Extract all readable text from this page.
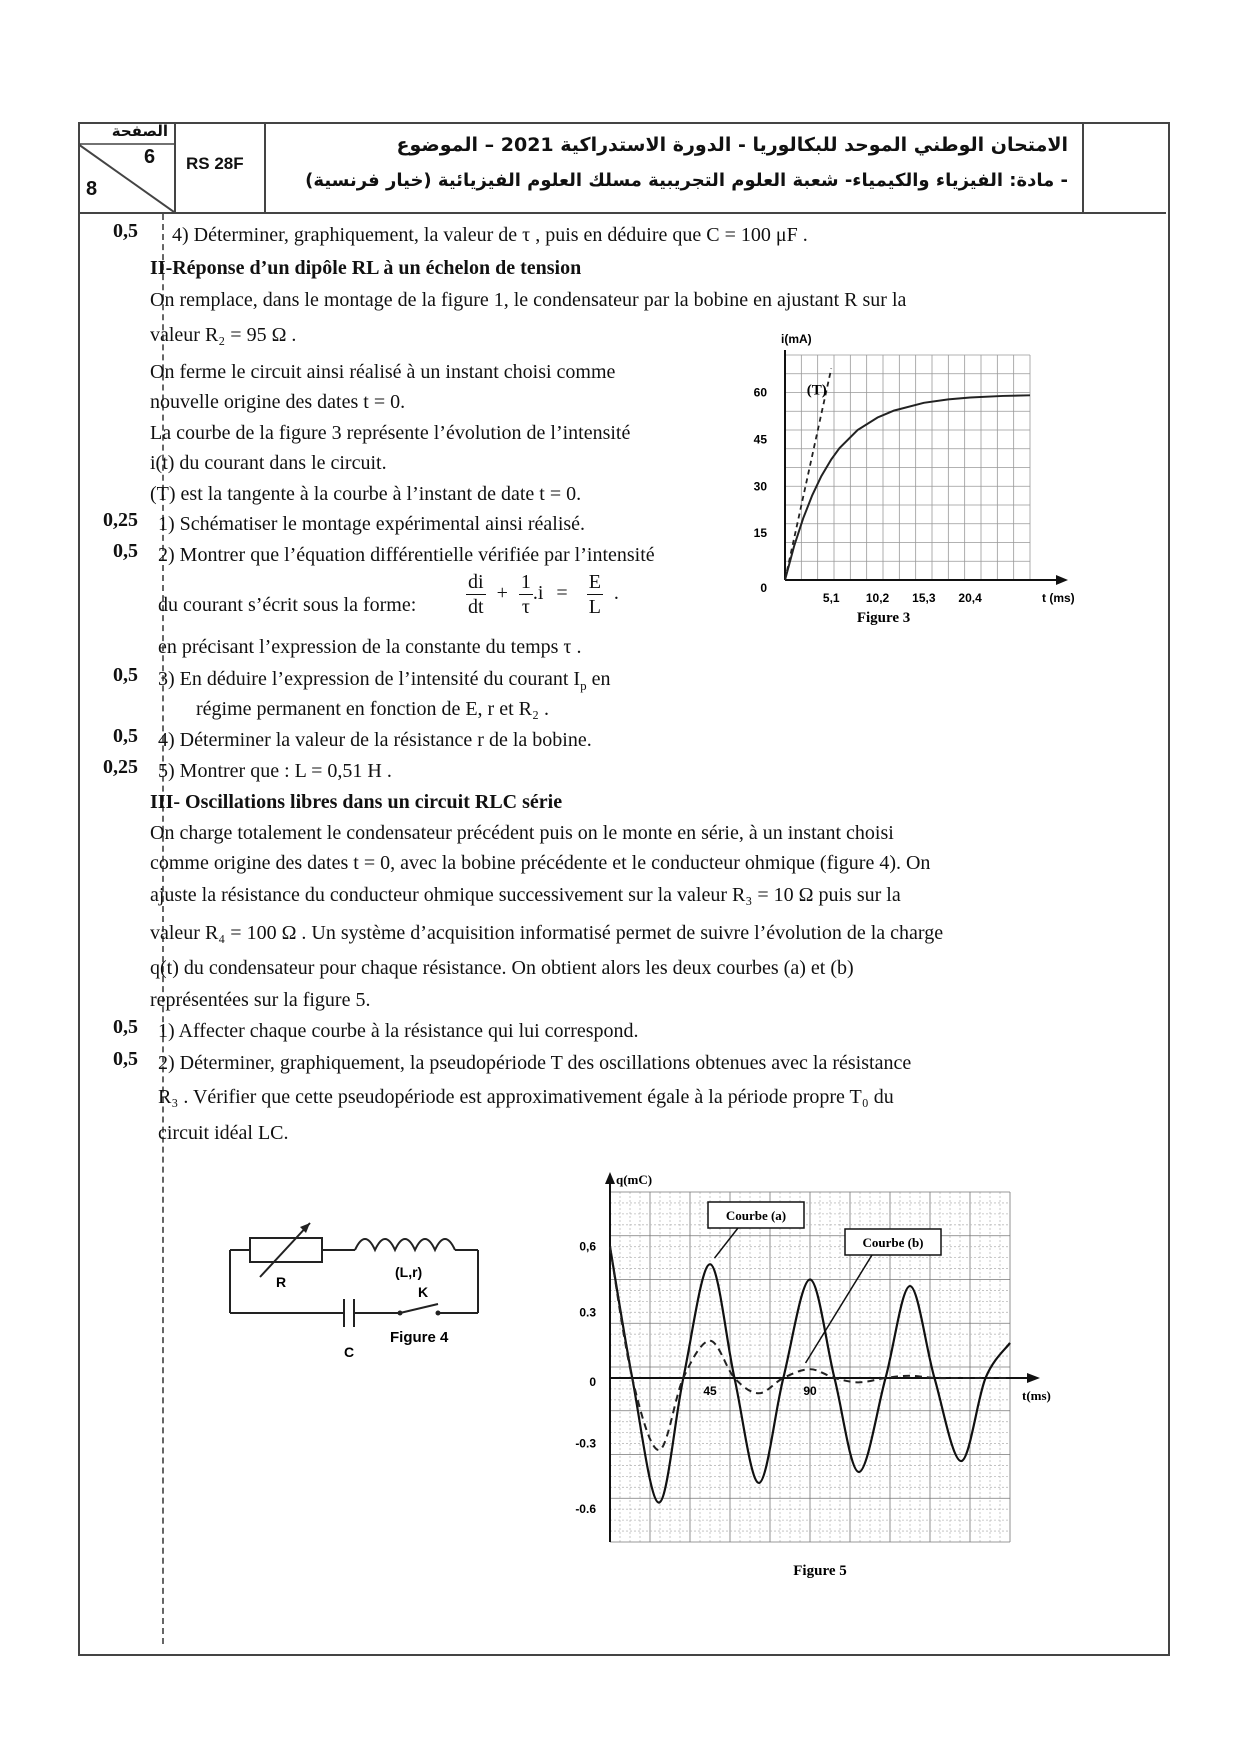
الصفحة
6
8
RS 28F
الامتحان الوطني الموحد للبكالوريا - الدورة الاستدراكية 2021 – الموضوع
- مادة: الفيزياء والكيمياء- شعبة العلوم التجريبية مسلك العلوم الفيزيائية (خيار فرنسية)
0,5 4) Déterminer, graphiquement, la valeur de τ , puis en déduire que C = 100 μF .
II-Réponse d’un dipôle RL à un échelon de tension
On remplace, dans le montage de la figure 1, le condensateur par la bobine en ajustant R sur la
valeur R₂ = 95 Ω .
On ferme le circuit ainsi réalisé à un instant choisi comme
nouvelle origine des dates t = 0.
La courbe de la figure 3 représente l’évolution de l’intensité
i(t) du courant dans le circuit.
(T) est la tangente à la courbe à l’instant de date t = 0.
0,25 1) Schématiser le montage expérimental ainsi réalisé.
0,5 2) Montrer que l’équation différentielle vérifiée par l’intensité
du courant s’écrit sous la forme: $\frac{di}{dt} + \frac{1}{\tau} .i = \frac{E}{L}$ .
en précisant l’expression de la constante du temps τ .
0,5 3) En déduire l’expression de l’intensité du courant $I_p$ en
régime permanent en fonction de E, r et R₂ .
0,5 4) Déterminer la valeur de la résistance r de la bobine.
0,25 5) Montrer que : L = 0,51 H .
III- Oscillations libres dans un circuit RLC série
On charge totalement le condensateur précédent puis on le monte en série, à un instant choisi
comme origine des dates t = 0, avec la bobine précédente et le conducteur ohmique (figure 4). On
ajuste la résistance du conducteur ohmique successivement sur la valeur R₃ = 10 Ω puis sur la
valeur R₄ = 100 Ω . Un système d’acquisition informatisé permet de suivre l’évolution de la charge
q(t) du condensateur pour chaque résistance. On obtient alors les deux courbes (a) et (b)
représentées sur la figure 5.
0,5 1) Affecter chaque courbe à la résistance qui lui correspond.
0,5 2) Déterminer, graphiquement, la pseudopériode T des oscillations obtenues avec la résistance
R₃ . Vérifier que cette pseudopériode est approximativement égale à la période propre T₀ du
circuit idéal LC.
i(mA)
t (ms)
5,1 10,2 15,3 20,4
0
15
30
45
60	(T)
Figure 3
R
(L,r)
K
C
Figure 4
q(mC)
t(ms)
45	90
0,6
0.3
0
-0.3
-0.6
Courbe (a)
Courbe (b)
Figure 5
